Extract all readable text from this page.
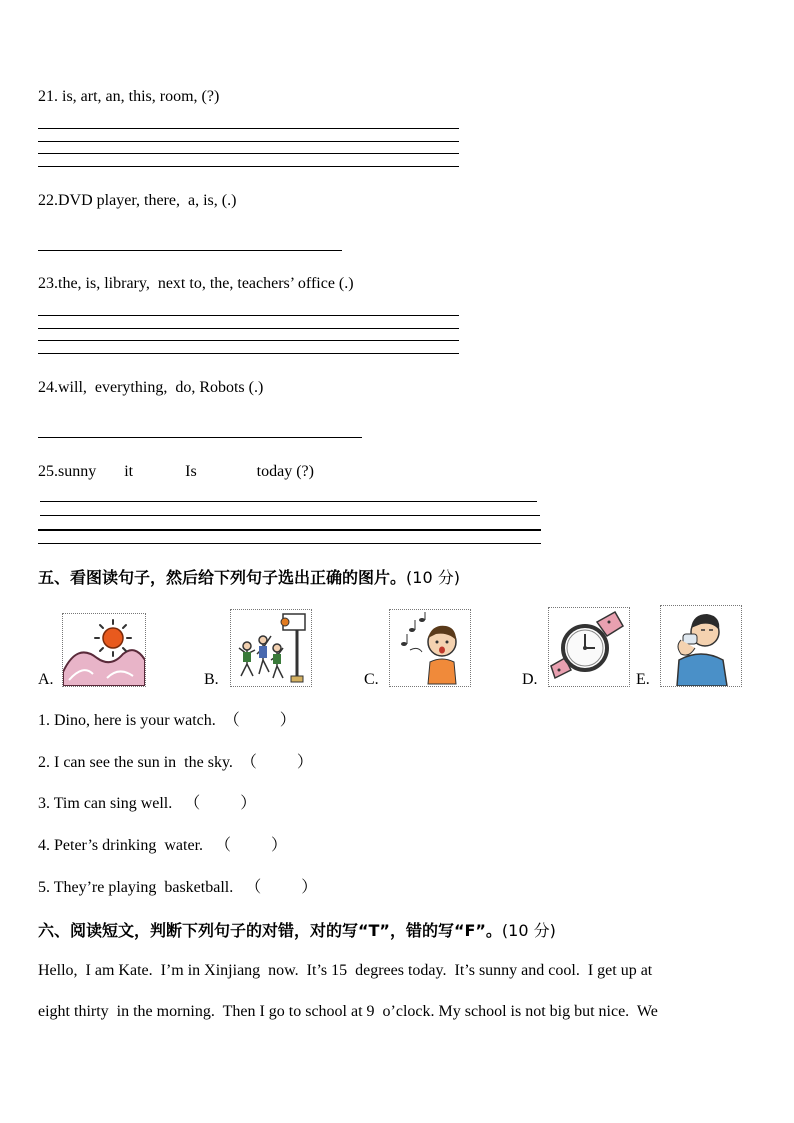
21. is, art, an, this, room, (?)
22.DVD player, there,  a, is, (.)
23.the, is, library,  next to, the, teachers’ office (.)
24.will,  everything,  do, Robots (.)
25.sunny       it             Is               today (?)
五、看图读句子，然后给下列句子选出正确的图片。(10 分)
A.	B.	C.	D.	E.
1. Dino, here is your watch.  （          ）
2. I can see the sun in  the sky.  （          ）
3. Tim can sing well.   （          ）
4. Peter’s drinking  water.   （          ）
5. They’re playing  basketball.   （          ）
六、阅读短文，判断下列句子的对错，对的写“T”，错的写“F”。(10 分)
Hello,  I am Kate.  I’m in Xinjiang  now.  It’s 15  degrees today.  It’s sunny and cool.  I get up at
eight thirty  in the morning.  Then I go to school at 9  o’clock. My school is not big but nice.  We
